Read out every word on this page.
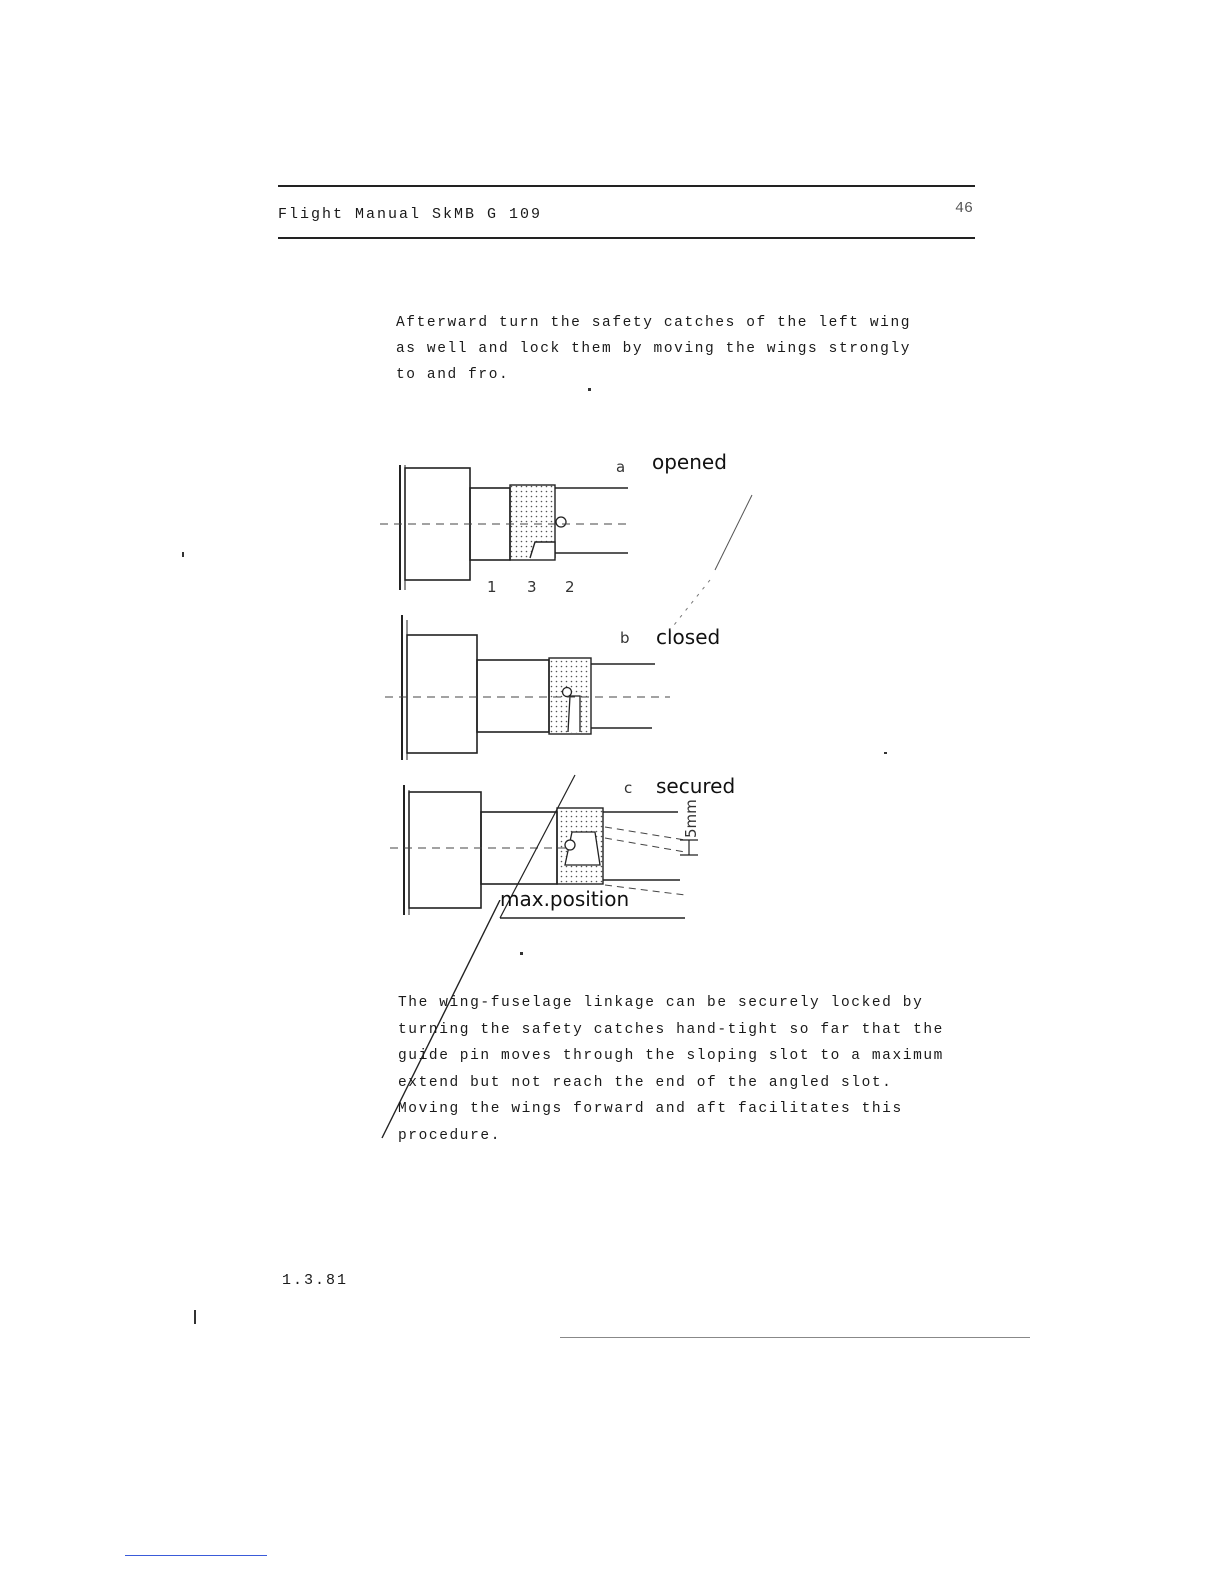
Flight Manual SkMB G 109	46

Afterward turn the safety catches of the left wing
as well and lock them by moving the wings strongly
to and fro.

1 3 2
a opened
b closed
5mm
c secured
max.position

The wing-fuselage linkage can be securely locked by
turning the safety catches hand-tight so far that the
guide pin moves through the sloping slot to a maximum
extend but not reach the end of the angled slot.
Moving the wings forward and aft facilitates this
procedure.

1.3.81
